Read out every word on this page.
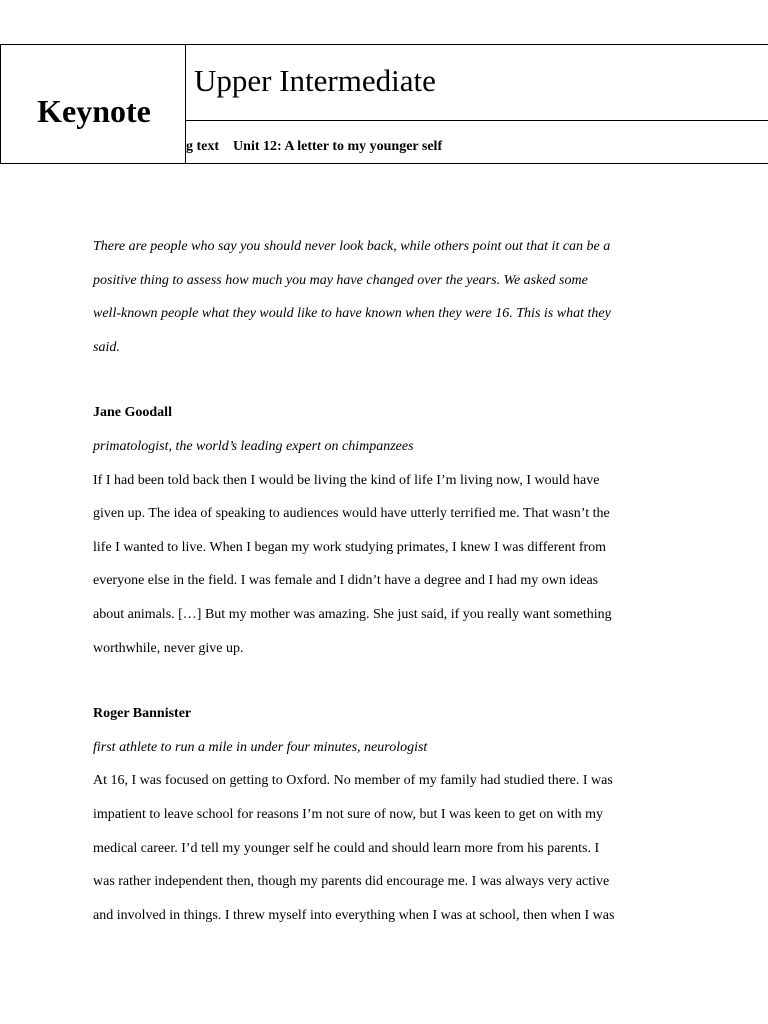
Keynote
Upper Intermediate
g text Unit 12: A letter to my younger self
There are people who say you should never look back, while others point out that it can be a
positive thing to assess how much you may have changed over the years. We asked some
well-known people what they would like to have known when they were 16. This is what they
said.
Jane Goodall
primatologist, the world’s leading expert on chimpanzees
If I had been told back then I would be living the kind of life I’m living now, I would have
given up. The idea of speaking to audiences would have utterly terrified me. That wasn’t the
life I wanted to live. When I began my work studying primates, I knew I was different from
everyone else in the field. I was female and I didn’t have a degree and I had my own ideas
about animals. […] But my mother was amazing. She just said, if you really want something
worthwhile, never give up.
Roger Bannister
first athlete to run a mile in under four minutes, neurologist
At 16, I was focused on getting to Oxford. No member of my family had studied there. I was
impatient to leave school for reasons I’m not sure of now, but I was keen to get on with my
medical career. I’d tell my younger self he could and should learn more from his parents. I
was rather independent then, though my parents did encourage me. I was always very active
and involved in things. I threw myself into everything when I was at school, then when I was
